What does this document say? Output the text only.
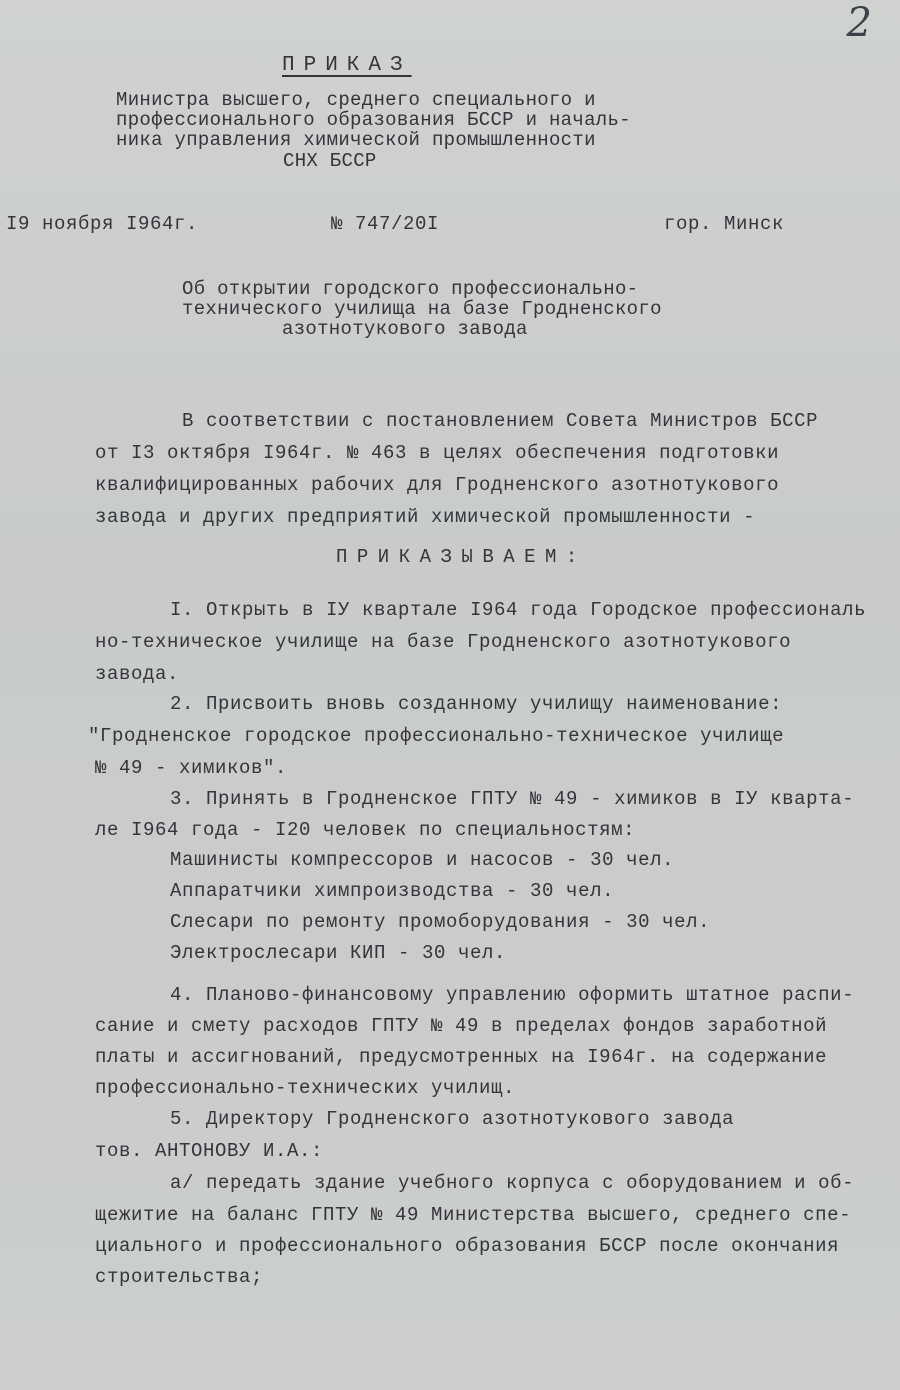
2
ПРИКАЗ
Министра высшего, среднего специального и
профессионального образования БССР и началь-
ника управления химической промышленности
СНХ БССР
I9 ноября I964г.	№ 747/20I	гор. Минск
Об открытии городского профессионально-
технического училища на базе Гродненского
азотнотукового завода
В соответствии с постановлением Совета Министров БССР
от I3 октября I964г. № 463 в целях обеспечения подготовки
квалифицированных рабочих для Гродненского азотнотукового
завода и других предприятий химической промышленности -
ПРИКАЗЫВАЕМ:
I. Открыть в IУ квартале I964 года Городское профессиональ
но-техническое училище на базе Гродненского азотнотукового
завода.
2. Присвоить вновь созданному училищу наименование:
"Гродненское городское профессионально-техническое училище
№ 49 - химиков".
3. Принять в Гродненское ГПТУ № 49 - химиков в IУ кварта-
ле I964 года - I20 человек по специальностям:
Машинисты компрессоров и насосов - 30 чел.
Аппаратчики химпроизводства - 30 чел.
Слесари по ремонту промоборудования - 30 чел.
Электрослесари КИП - 30 чел.
4. Планово-финансовому управлению оформить штатное распи-
сание и смету расходов ГПТУ № 49 в пределах фондов заработной
платы и ассигнований, предусмотренных на I964г. на содержание
профессионально-технических училищ.
5. Директору Гродненского азотнотукового завода
тов. АНТОНОВУ И.А.:
а/ передать здание учебного корпуса с оборудованием и об-
щежитие на баланс ГПТУ № 49 Министерства высшего, среднего спе-
циального и профессионального образования БССР после окончания
строительства;
